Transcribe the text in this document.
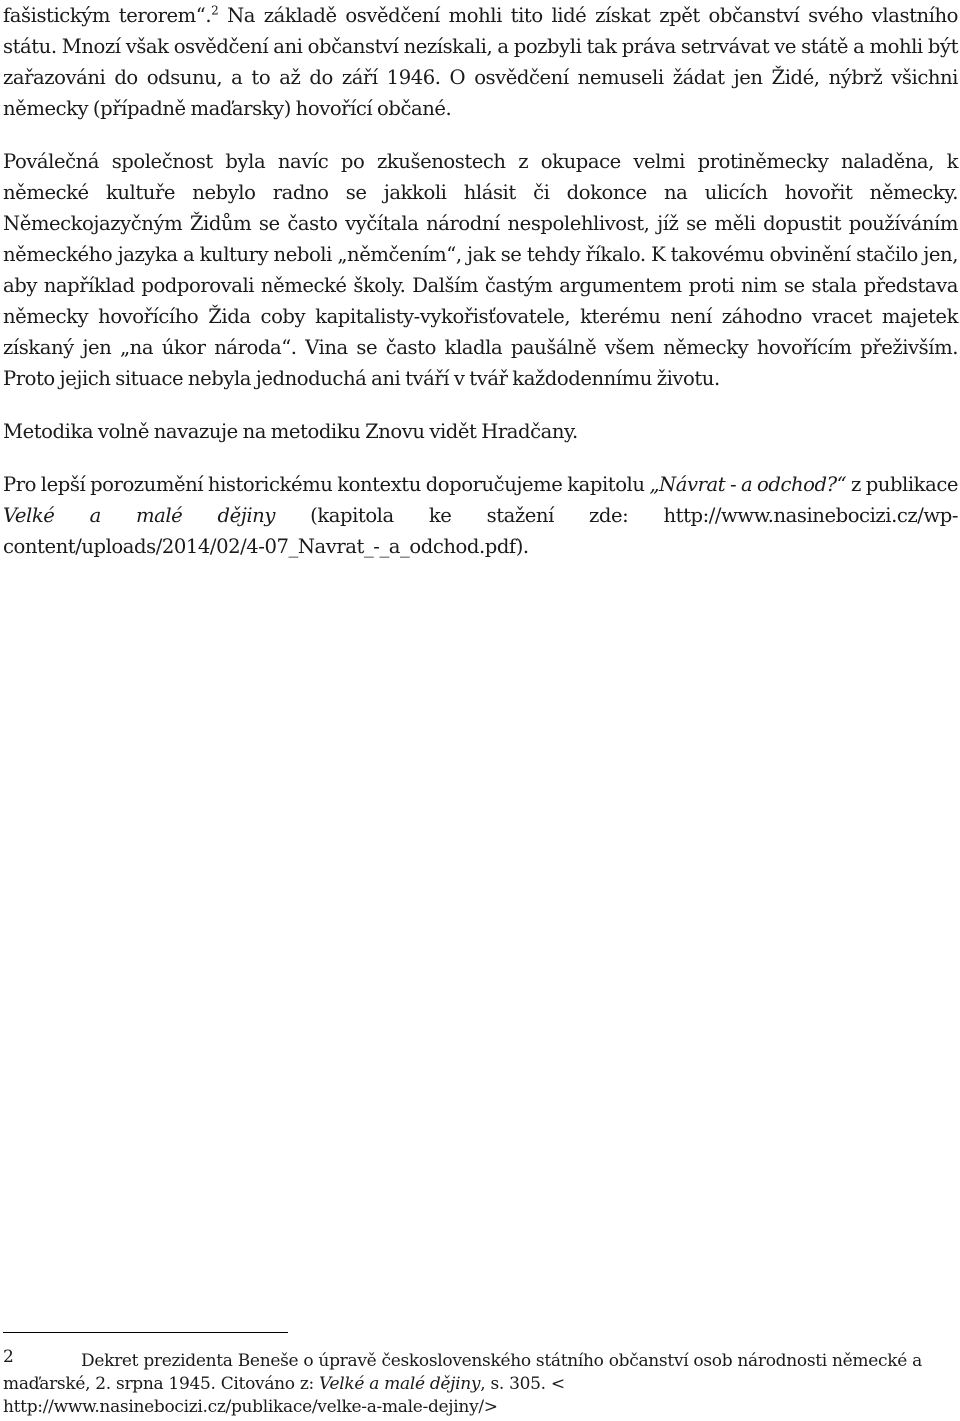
fašistickým terorem“.$^2$ Na základě osvědčení mohli tito lidé získat zpět občanství svého vlastního státu. Mnozí však osvědčení ani občanství nezískali, a pozbyli tak práva setrvávat ve státě a mohli být zařazováni do odsunu, a to až do září 1946. O osvědčení nemuseli žádat jen Židé, nýbrž všichni německy (případně maďarsky) hovořící občané.

Poválečná společnost byla navíc po zkušenostech z okupace velmi protiněmecky naladěna, k německé kultuře nebylo radno se jakkoli hlásit či dokonce na ulicích hovořit německy. Německojazyčným Židům se často vyčítala národní nespolehlivost, jíž se měli dopustit používáním německého jazyka a kultury neboli „němčením“, jak se tehdy říkalo. K takovému obvinění stačilo jen, aby například podporovali německé školy. Dalším častým argumentem proti nim se stala představa německy hovořícího Žida coby kapitalisty-vykořisťovatele, kterému není záhodno vracet majetek získaný jen „na úkor národa“. Vina se často kladla paušálně všem německy hovořícím přeživším. Proto jejich situace nebyla jednoduchá ani tváří v tvář každodennímu životu.

Metodika volně navazuje na metodiku Znovu vidět Hradčany.

Pro lepší porozumění historickému kontextu doporučujeme kapitolu „Návrat - a odchod?“ z publikace Velké a malé dějiny (kapitola ke stažení zde: http://www.nasinebocizi.cz/wp-content/uploads/2014/02/4-07_Navrat_-_a_odchod.pdf).

2	Dekret prezidenta Beneše o úpravě československého státního občanství osob národnosti německé a
maďarské, 2. srpna 1945. Citováno z: Velké a malé dějiny, s. 305. <
http://www.nasinebocizi.cz/publikace/velke-a-male-dejiny/>
